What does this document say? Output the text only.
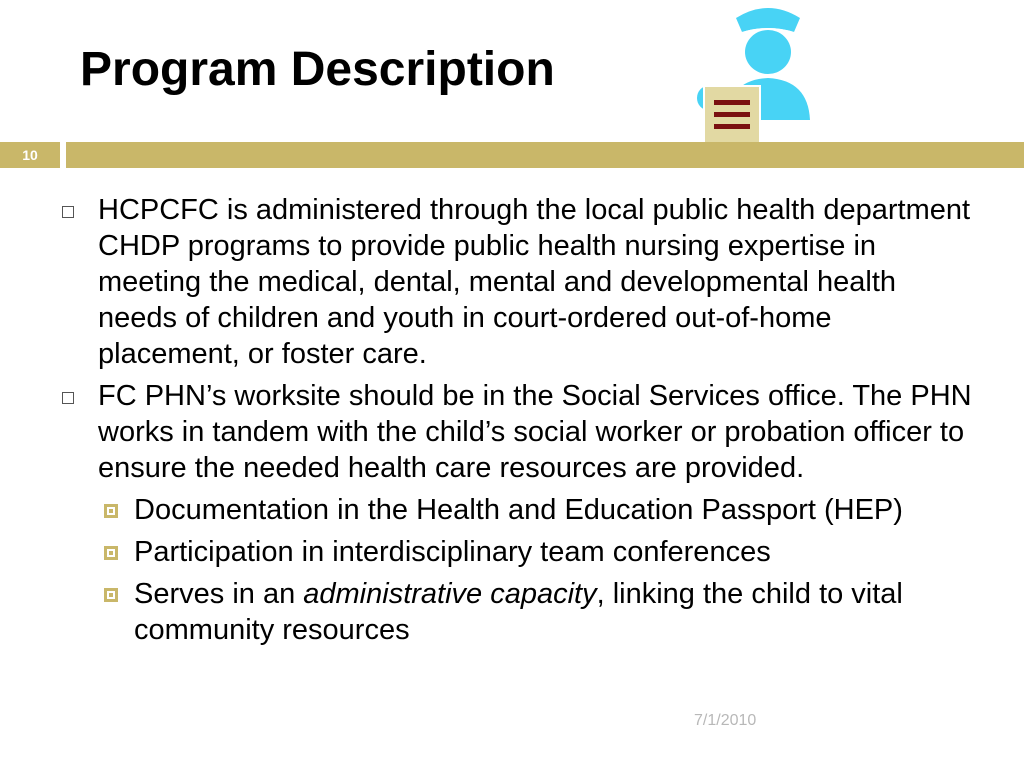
Program Description
10
HCPCFC is administered through the local public health department CHDP programs to provide public health nursing expertise in meeting the medical, dental, mental and developmental health needs of children and youth in court-ordered out-of-home placement, or foster care.
FC PHN’s worksite should be in the Social Services office. The PHN works in tandem with the child’s social worker or probation officer to ensure the needed health care resources are provided.
Documentation in the Health and Education Passport (HEP)
Participation in interdisciplinary team conferences
Serves in an administrative capacity, linking the child to vital community resources
7/1/2010
